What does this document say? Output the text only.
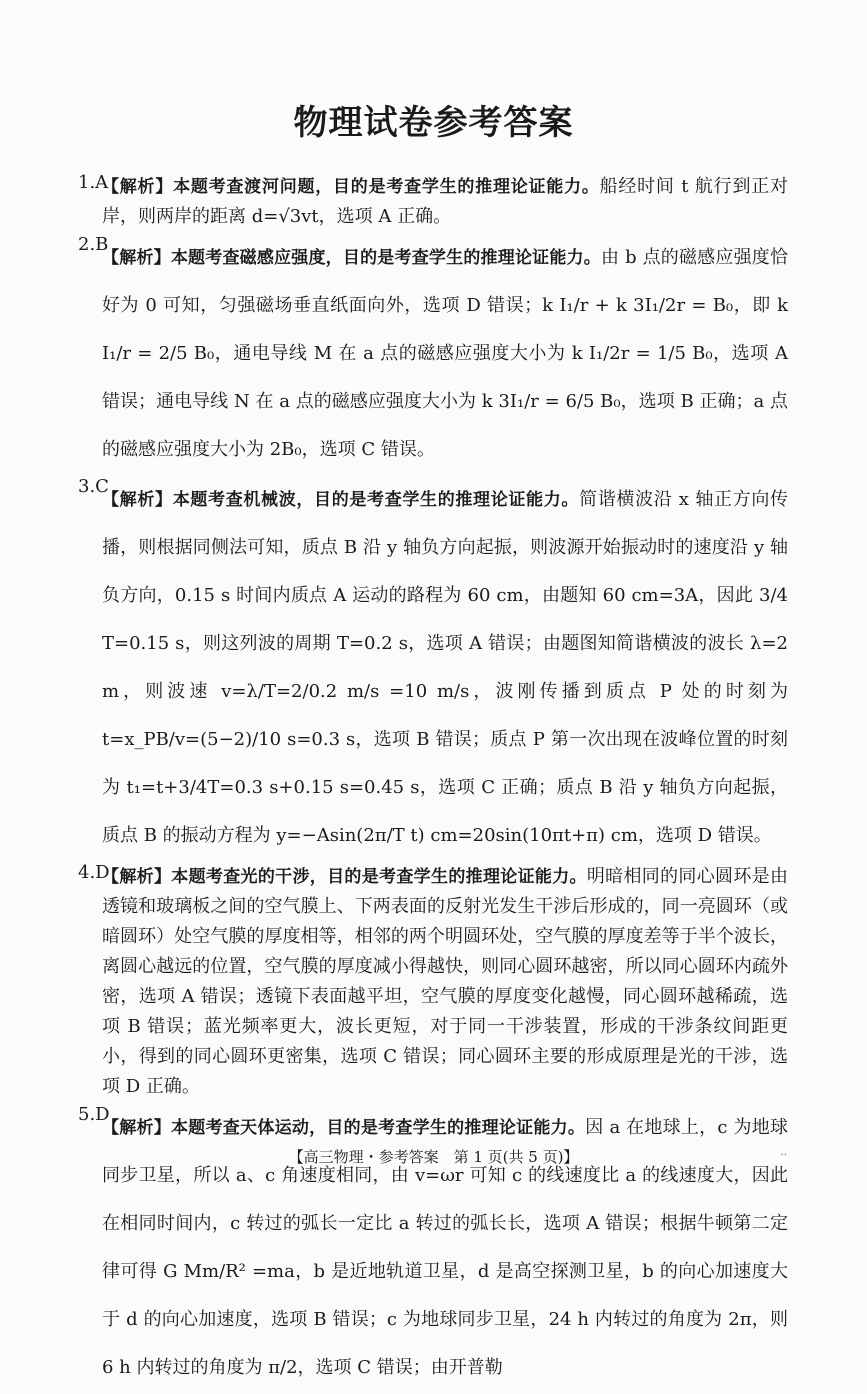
物理试卷参考答案
1.A
【解析】本题考查渡河问题，目的是考查学生的推理论证能力。船经时间 t 航行到正对岸，则两岸的距离 d=√3vt，选项 A 正确。
2.B
【解析】本题考查磁感应强度，目的是考查学生的推理论证能力。由 b 点的磁感应强度恰好为 0 可知，匀强磁场垂直纸面向外，选项 D 错误；k I₁/r + k 3I₁/2r = B₀，即 k I₁/r = 2/5 B₀，通电导线 M 在 a 点的磁感应强度大小为 k I₁/2r = 1/5 B₀，选项 A 错误；通电导线 N 在 a 点的磁感应强度大小为 k 3I₁/r = 6/5 B₀，选项 B 正确；a 点的磁感应强度大小为 2B₀，选项 C 错误。
3.C
【解析】本题考查机械波，目的是考查学生的推理论证能力。简谐横波沿 x 轴正方向传播，则根据同侧法可知，质点 B 沿 y 轴负方向起振，则波源开始振动时的速度沿 y 轴负方向，0.15 s 时间内质点 A 运动的路程为 60 cm，由题知 60 cm=3A，因此 3/4 T=0.15 s，则这列波的周期 T=0.2 s，选项 A 错误；由题图知简谐横波的波长 λ=2 m，则波速 v=λ/T=2/0.2 m/s =10 m/s，波刚传播到质点 P 处的时刻为 t=x_PB/v=(5−2)/10 s=0.3 s，选项 B 错误；质点 P 第一次出现在波峰位置的时刻为 t₁=t+3/4T=0.3 s+0.15 s=0.45 s，选项 C 正确；质点 B 沿 y 轴负方向起振，质点 B 的振动方程为 y=−Asin(2π/T t) cm=20sin(10πt+π) cm，选项 D 错误。
4.D
【解析】本题考查光的干涉，目的是考查学生的推理论证能力。明暗相同的同心圆环是由透镜和玻璃板之间的空气膜上、下两表面的反射光发生干涉后形成的，同一亮圆环（或暗圆环）处空气膜的厚度相等，相邻的两个明圆环处，空气膜的厚度差等于半个波长，离圆心越远的位置，空气膜的厚度减小得越快，则同心圆环越密，所以同心圆环内疏外密，选项 A 错误；透镜下表面越平坦，空气膜的厚度变化越慢，同心圆环越稀疏，选项 B 错误；蓝光频率更大，波长更短，对于同一干涉装置，形成的干涉条纹间距更小，得到的同心圆环更密集，选项 C 错误；同心圆环主要的形成原理是光的干涉，选项 D 正确。
5.D
【解析】本题考查天体运动，目的是考查学生的推理论证能力。因 a 在地球上，c 为地球同步卫星，所以 a、c 角速度相同，由 v=ωr 可知 c 的线速度比 a 的线速度大，因此在相同时间内，c 转过的弧长一定比 a 转过的弧长长，选项 A 错误；根据牛顿第二定律可得 G Mm/R² =ma，b 是近地轨道卫星，d 是高空探测卫星，b 的向心加速度大于 d 的向心加速度，选项 B 错误；c 为地球同步卫星，24 h 内转过的角度为 2π，则 6 h 内转过的角度为 π/2，选项 C 错误；由开普勒
【高三物理・参考答案　第 1 页(共 5 页)】	··
